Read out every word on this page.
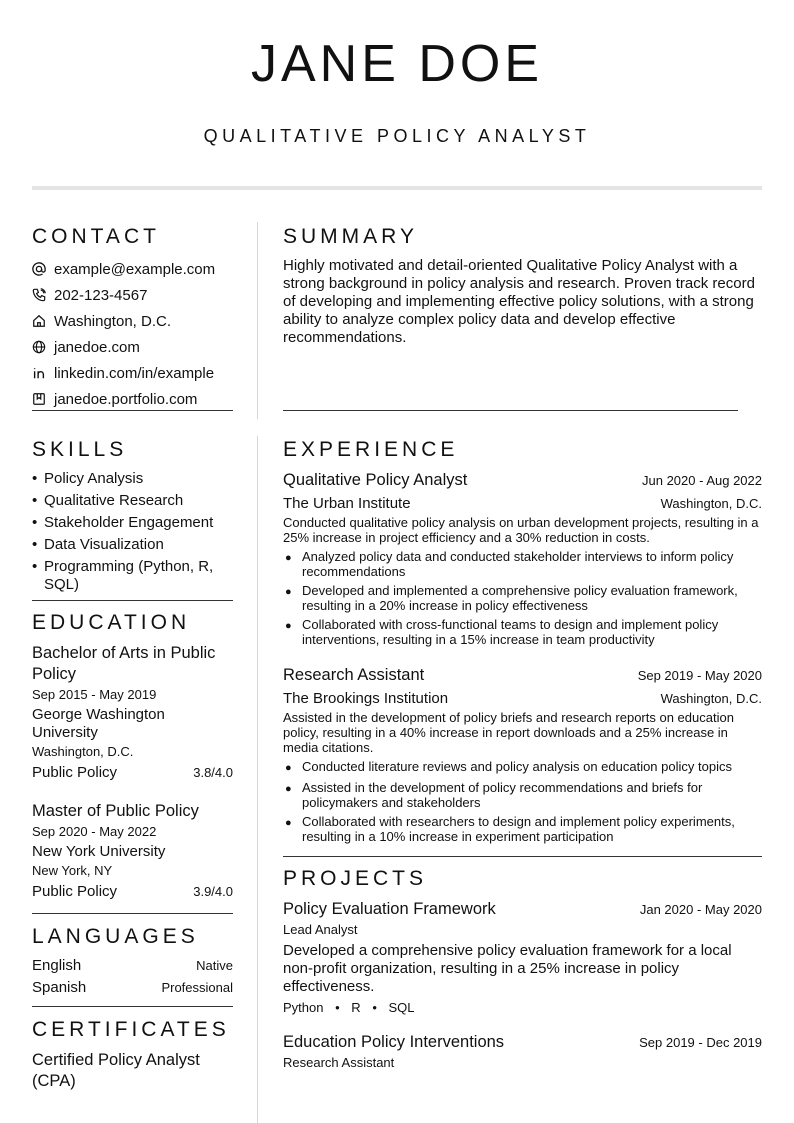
JANE DOE
QUALITATIVE POLICY ANALYST
CONTACT
example@example.com
202-123-4567
Washington, D.C.
janedoe.com
linkedin.com/in/example
janedoe.portfolio.com
SKILLS
• Policy Analysis
• Qualitative Research
• Stakeholder Engagement
• Data Visualization
• Programming (Python, R, SQL)
EDUCATION
Bachelor of Arts in Public Policy
Sep 2015 - May 2019
George Washington University
Washington, D.C.
Public Policy	3.8/4.0
Master of Public Policy
Sep 2020 - May 2022
New York University
New York, NY
Public Policy	3.9/4.0
LANGUAGES
English	Native
Spanish	Professional
CERTIFICATES
Certified Policy Analyst (CPA)
SUMMARY
Highly motivated and detail-oriented Qualitative Policy Analyst with a strong background in policy analysis and research. Proven track record of developing and implementing effective policy solutions, with a strong ability to analyze complex policy data and develop effective recommendations.
EXPERIENCE
Qualitative Policy Analyst	Jun 2020 - Aug 2022
The Urban Institute	Washington, D.C.
Conducted qualitative policy analysis on urban development projects, resulting in a 25% increase in project efficiency and a 30% reduction in costs.
● Analyzed policy data and conducted stakeholder interviews to inform policy recommendations
● Developed and implemented a comprehensive policy evaluation framework, resulting in a 20% increase in policy effectiveness
● Collaborated with cross-functional teams to design and implement policy interventions, resulting in a 15% increase in team productivity
Research Assistant	Sep 2019 - May 2020
The Brookings Institution	Washington, D.C.
Assisted in the development of policy briefs and research reports on education policy, resulting in a 40% increase in report downloads and a 25% increase in media citations.
● Conducted literature reviews and policy analysis on education policy topics
● Assisted in the development of policy recommendations and briefs for policymakers and stakeholders
● Collaborated with researchers to design and implement policy experiments, resulting in a 10% increase in experiment participation
PROJECTS
Policy Evaluation Framework	Jan 2020 - May 2020
Lead Analyst
Developed a comprehensive policy evaluation framework for a local non-profit organization, resulting in a 25% increase in policy effectiveness.
Python • R • SQL
Education Policy Interventions	Sep 2019 - Dec 2019
Research Assistant
